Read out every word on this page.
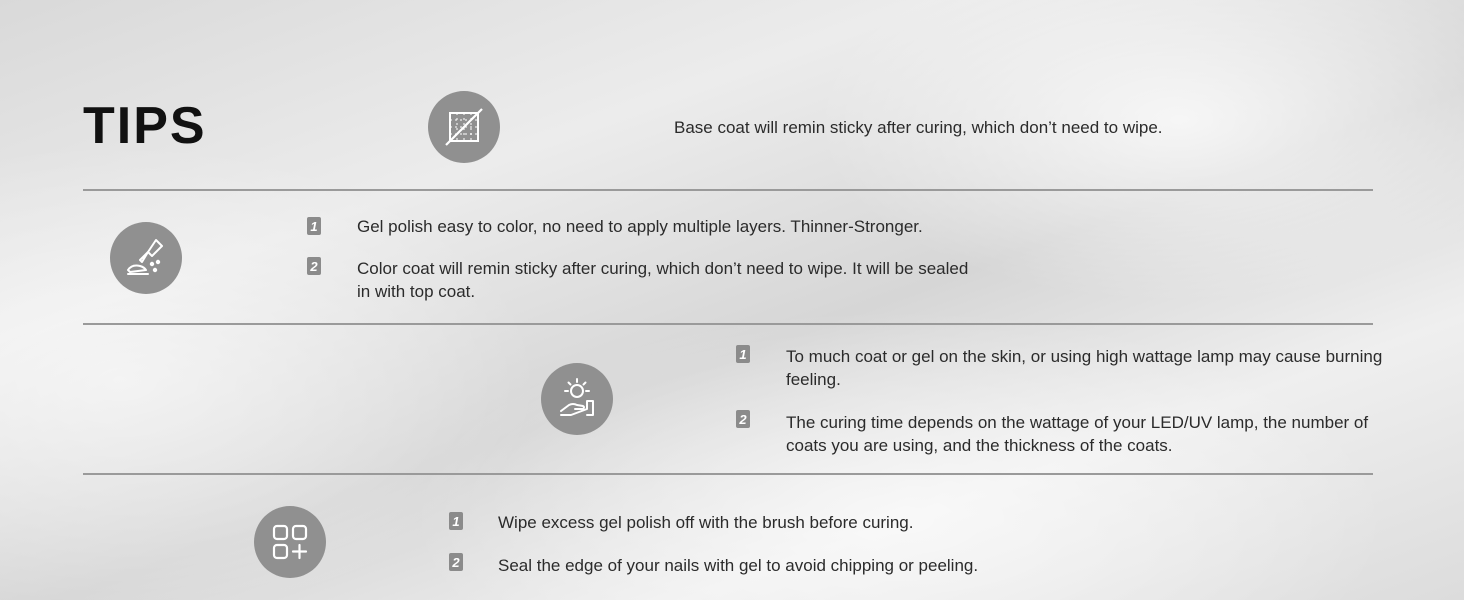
TIPS	Base coat will remin sticky after curing, which don’t need to wipe.
1 Gel polish easy to color, no need to apply multiple layers. Thinner-Stronger.
2 Color coat will remin sticky after curing, which don’t need to wipe. It will be sealed in with top coat.
1 To much coat or gel on the skin, or using high wattage lamp may cause burning feeling.
2 The curing time depends on the wattage of your LED/UV lamp, the number of coats you are using, and the thickness of the coats.
1 Wipe excess gel polish off with the brush before curing.
2 Seal the edge of your nails with gel to avoid chipping or peeling.
